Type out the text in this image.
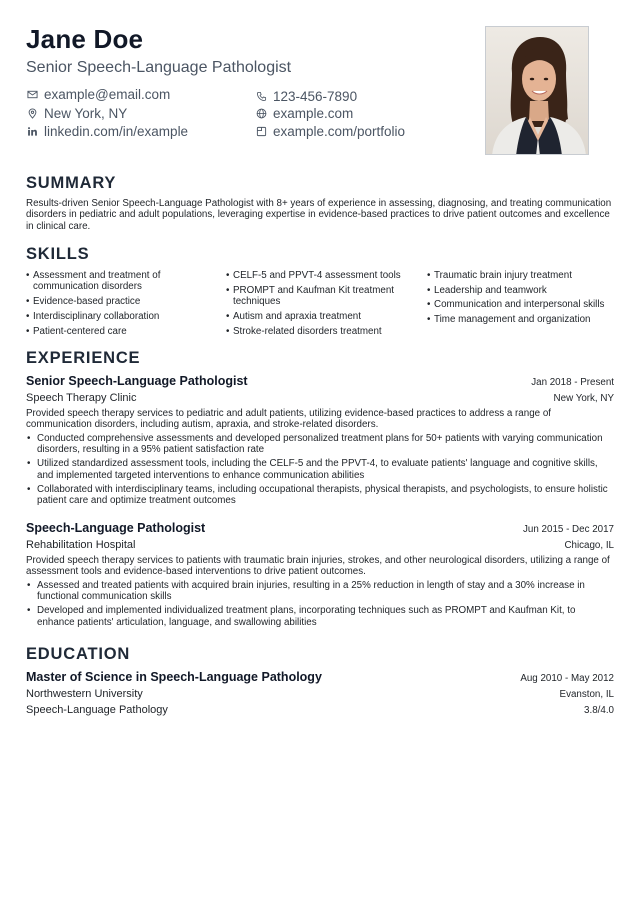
Jane Doe
Senior Speech-Language Pathologist
example@email.com	123-456-7890
New York, NY	example.com
linkedin.com/in/example	example.com/portfolio
SUMMARY
Results-driven Senior Speech-Language Pathologist with 8+ years of experience in assessing, diagnosing, and treating communication disorders in pediatric and adult populations, leveraging expertise in evidence-based practices to drive patient outcomes and excellence in clinical care.
SKILLS
• Assessment and treatment of communication disorders
• Evidence-based practice
• Interdisciplinary collaboration
• Patient-centered care
• CELF-5 and PPVT-4 assessment tools
• PROMPT and Kaufman Kit treatment techniques
• Autism and apraxia treatment
• Stroke-related disorders treatment
• Traumatic brain injury treatment
• Leadership and teamwork
• Communication and interpersonal skills
• Time management and organization
EXPERIENCE
Senior Speech-Language Pathologist	Jan 2018 - Present
Speech Therapy Clinic	New York, NY
Provided speech therapy services to pediatric and adult patients, utilizing evidence-based practices to address a range of communication disorders, including autism, apraxia, and stroke-related disorders.
• Conducted comprehensive assessments and developed personalized treatment plans for 50+ patients with varying communication disorders, resulting in a 95% patient satisfaction rate
• Utilized standardized assessment tools, including the CELF-5 and the PPVT-4, to evaluate patients' language and cognitive skills, and implemented targeted interventions to enhance communication abilities
• Collaborated with interdisciplinary teams, including occupational therapists, physical therapists, and psychologists, to ensure holistic patient care and optimize treatment outcomes
Speech-Language Pathologist	Jun 2015 - Dec 2017
Rehabilitation Hospital	Chicago, IL
Provided speech therapy services to patients with traumatic brain injuries, strokes, and other neurological disorders, utilizing a range of assessment tools and evidence-based interventions to drive patient outcomes.
• Assessed and treated patients with acquired brain injuries, resulting in a 25% reduction in length of stay and a 30% increase in functional communication skills
• Developed and implemented individualized treatment plans, incorporating techniques such as PROMPT and Kaufman Kit, to enhance patients' articulation, language, and swallowing abilities
EDUCATION
Master of Science in Speech-Language Pathology	Aug 2010 - May 2012
Northwestern University	Evanston, IL
Speech-Language Pathology	3.8/4.0
